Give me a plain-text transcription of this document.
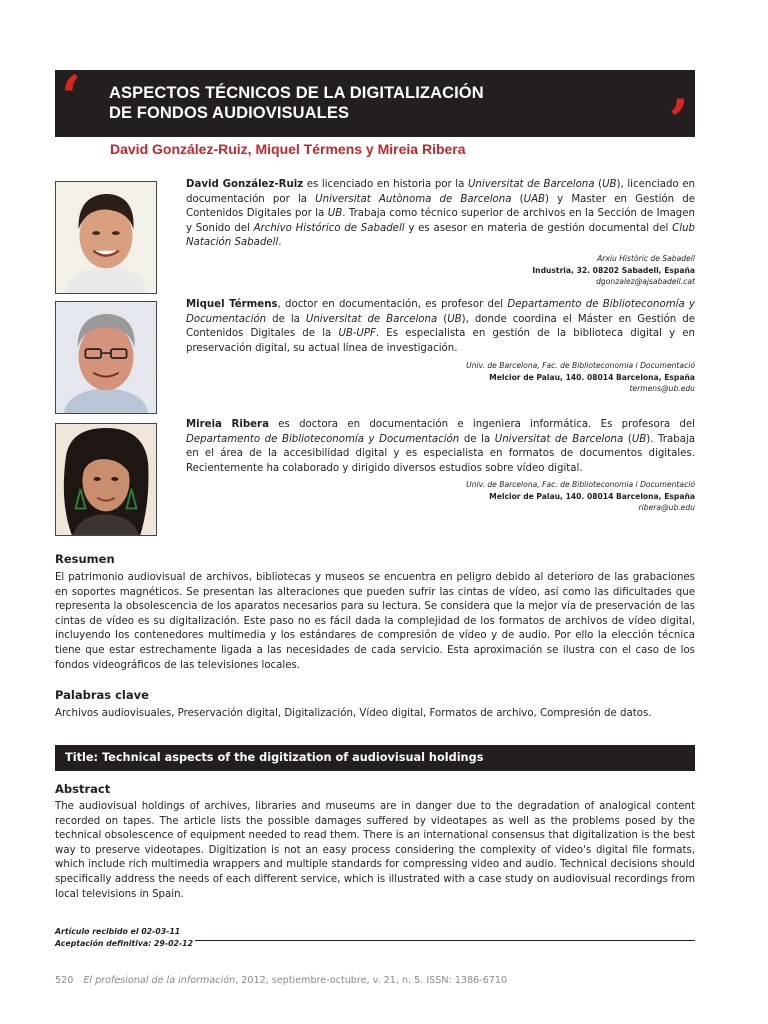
‘ ASPECTOS TÉCNICOS DE LA DIGITALIZACIÓN
DE FONDOS AUDIOVISUALES	’
David González-Ruiz, Miquel Térmens y Mireia Ribera
David González-Ruiz es licenciado en historia por la Universitat de Barcelona (UB), licenciado en documentación por la Universitat Autònoma de Barcelona (UAB) y Master en Gestión de Contenidos Digitales por la UB. Trabaja como técnico superior de archivos en la Sección de Imagen y Sonido del Archivo Histórico de Sabadell y es asesor en materia de gestión documental del Club Natación Sabadell.
Arxiu Històric de Sabadell
Industria, 32. 08202 Sabadell, España
dgonzalez@ajsabadell.cat
Miquel Térmens, doctor en documentación, es profesor del Departamento de Biblioteconomía y Documentación de la Universitat de Barcelona (UB), donde coordina el Máster en Gestión de Contenidos Digitales de la UB-UPF. Es especialista en gestión de la biblioteca digital y en preservación digital, su actual línea de investigación.
Univ. de Barcelona, Fac. de Biblioteconomia i Documentació
Melcior de Palau, 140. 08014 Barcelona, España
termens@ub.edu
Mireia Ribera es doctora en documentación e ingeniera informática. Es profesora del Departamento de Biblioteconomía y Documentación de la Universitat de Barcelona (UB). Trabaja en el área de la accesibilidad digital y es especialista en formatos de documentos digitales. Recientemente ha colaborado y dirigido diversos estudios sobre vídeo digital.
Univ. de Barcelona, Fac. de Biblioteconomia i Documentació
Melcior de Palau, 140. 08014 Barcelona, España
ribera@ub.edu
Resumen
El patrimonio audiovisual de archivos, bibliotecas y museos se encuentra en peligro debido al deterioro de las grabaciones en soportes magnéticos. Se presentan las alteraciones que pueden sufrir las cintas de vídeo, así como las dificultades que representa la obsolescencia de los aparatos necesarios para su lectura. Se considera que la mejor vía de preservación de las cintas de vídeo es su digitalización. Este paso no es fácil dada la complejidad de los formatos de archivos de vídeo digital, incluyendo los contenedores multimedia y los estándares de compresión de vídeo y de audio. Por ello la elección técnica tiene que estar estrechamente ligada a las necesidades de cada servicio. Esta aproximación se ilustra con el caso de los fondos videográficos de las televisiones locales.
Palabras clave
Archivos audiovisuales, Preservación digital, Digitalización, Vídeo digital, Formatos de archivo, Compresión de datos.
Title: Technical aspects of the digitization of audiovisual holdings
Abstract
The audiovisual holdings of archives, libraries and museums are in danger due to the degradation of analogical content recorded on tapes. The article lists the possible damages suffered by videotapes as well as the problems posed by the technical obsolescence of equipment needed to read them. There is an international consensus that digitalization is the best way to preserve videotapes. Digitization is not an easy process considering the complexity of video's digital file formats, which include rich multimedia wrappers and multiple standards for compressing video and audio. Technical decisions should specifically address the needs of each different service, which is illustrated with a case study on audiovisual recordings from local televisions in Spain.
Artículo recibido el 02-03-11
Aceptación definitiva: 29-02-12
520 El profesional de la información, 2012, septiembre-octubre, v. 21, n. 5. ISSN: 1386-6710
